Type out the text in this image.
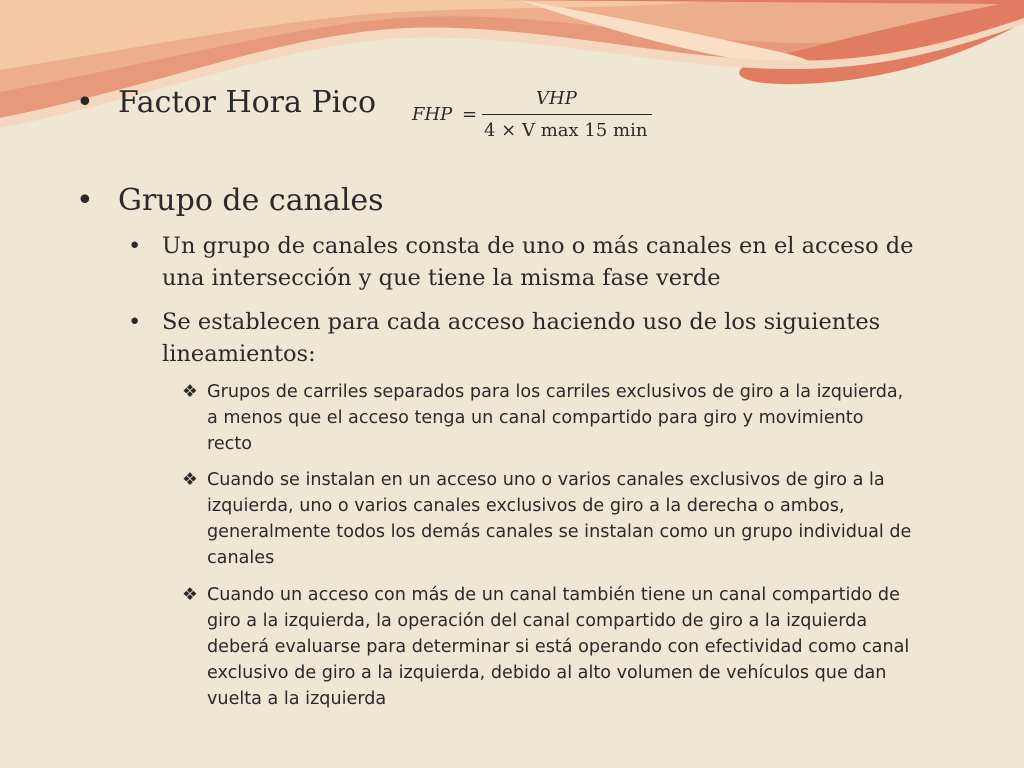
• Factor Hora Pico FHP =
VHP
4 × V max 15 min
• Grupo de canales
• Un grupo de canales consta de uno o más canales en el acceso de una intersección y que tiene la misma fase verde
• Se establecen para cada acceso haciendo uso de los siguientes lineamientos:
❖ Grupos de carriles separados para los carriles exclusivos de giro a la izquierda, a menos que el acceso tenga un canal compartido para giro y movimiento recto
❖ Cuando se instalan en un acceso uno o varios canales exclusivos de giro a la izquierda, uno o varios canales exclusivos de giro a la derecha o ambos, generalmente todos los demás canales se instalan como un grupo individual de canales
❖ Cuando un acceso con más de un canal también tiene un canal compartido de giro a la izquierda, la operación del canal compartido de giro a la izquierda deberá evaluarse para determinar si está operando con efectividad como canal exclusivo de giro a la izquierda, debido al alto volumen de vehículos que dan vuelta a la izquierda
